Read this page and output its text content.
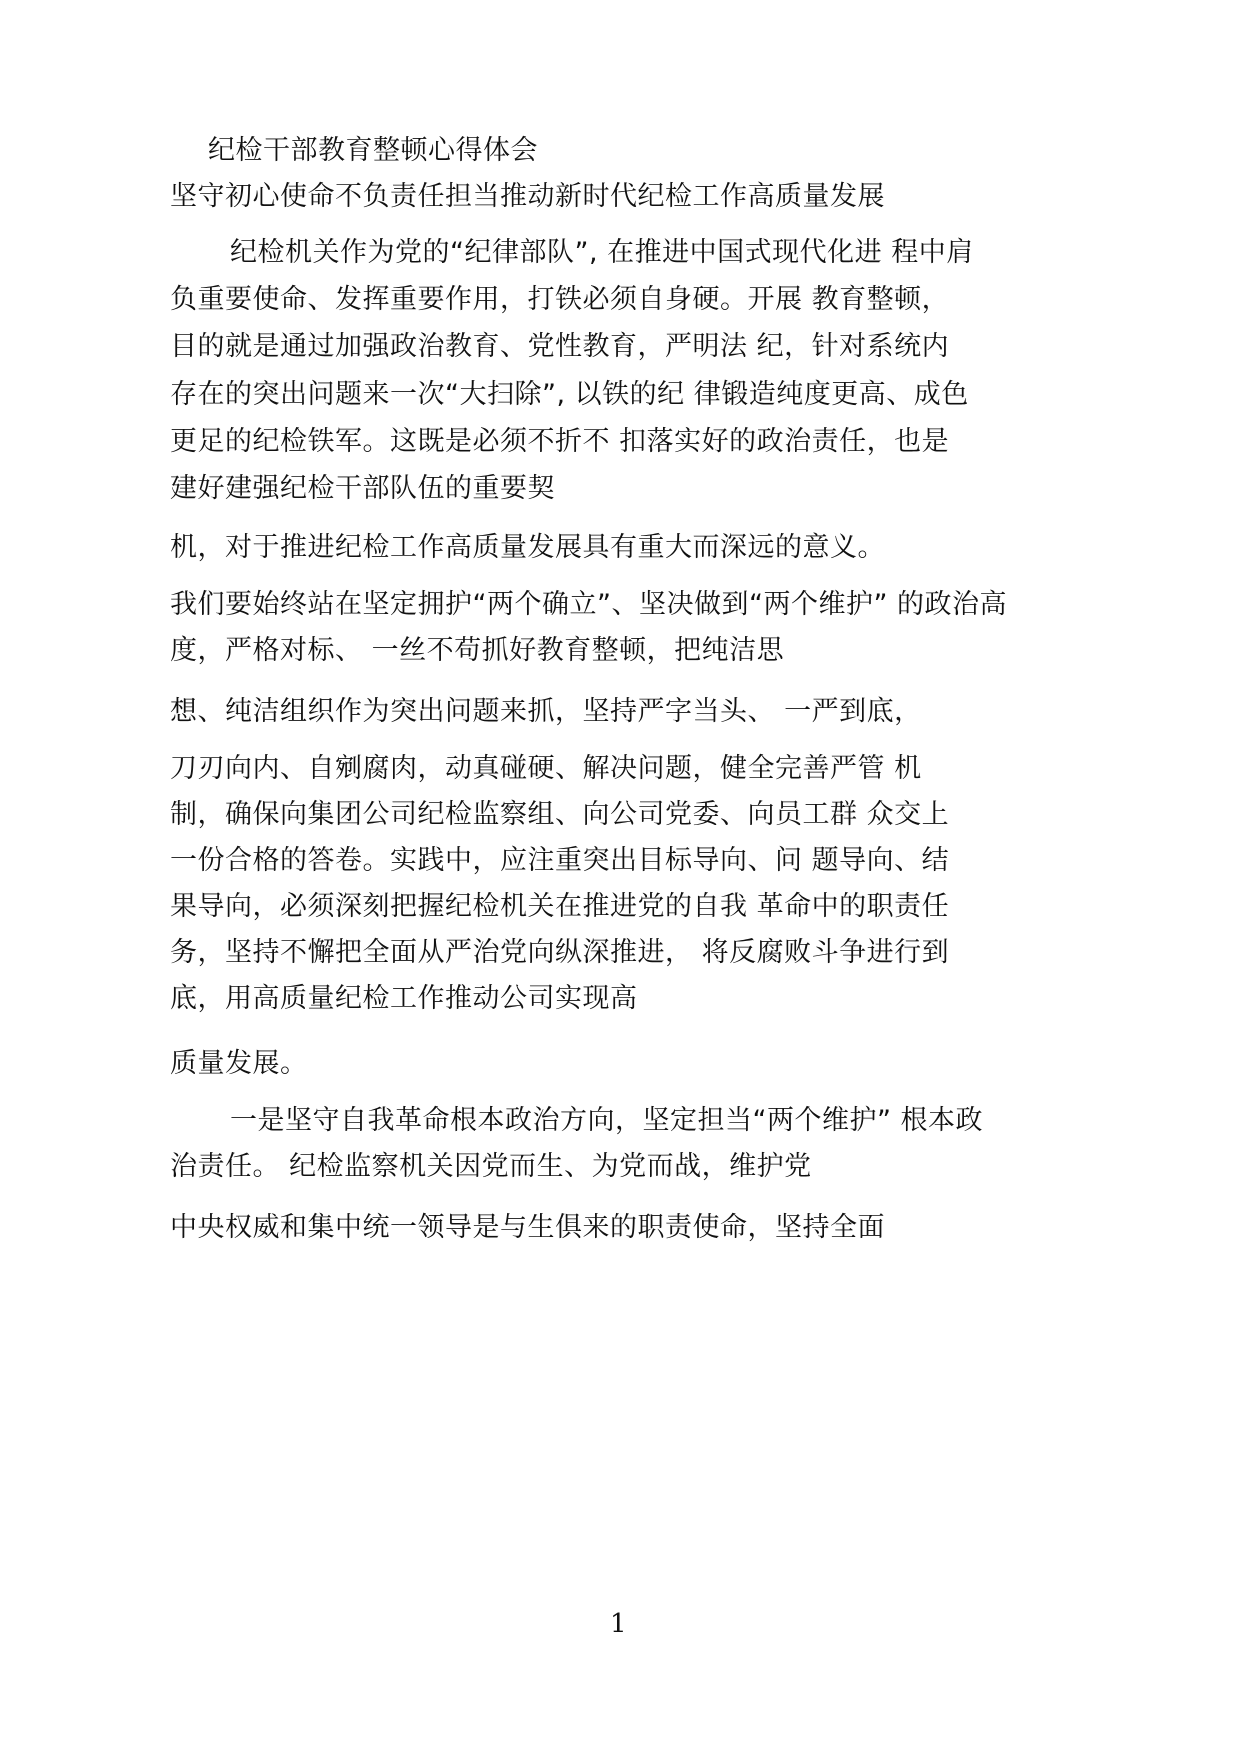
纪检干部教育整顿心得体会
坚守初心使命不负责任担当推动新时代纪检工作高质量发展
纪检机关作为党的“纪律部队”, 在推进中国式现代化进 程中肩
负重要使命、发挥重要作用，打铁必须自身硬。开展 教育整顿，
目的就是通过加强政治教育、党性教育，严明法 纪，针对系统内
存在的突出问题来一次“大扫除”, 以铁的纪 律锻造纯度更高、成色
更足的纪检铁军。这既是必须不折不 扣落实好的政治责任，也是
建好建强纪检干部队伍的重要契
机，对于推进纪检工作高质量发展具有重大而深远的意义。
我们要始终站在坚定拥护“两个确立”、坚决做到“两个维护” 的政治高
度，严格对标、 一丝不苟抓好教育整顿，把纯洁思
想、纯洁组织作为突出问题来抓，坚持严字当头、 一严到底，
刀刃向内、自剜腐肉，动真碰硬、解决问题，健全完善严管 机
制，确保向集团公司纪检监察组、向公司党委、向员工群 众交上
一份合格的答卷。实践中，应注重突出目标导向、问 题导向、结
果导向，必须深刻把握纪检机关在推进党的自我 革命中的职责任
务，坚持不懈把全面从严治党向纵深推进， 将反腐败斗争进行到
底，用高质量纪检工作推动公司实现高
质量发展。
一是坚守自我革命根本政治方向，坚定担当“两个维护” 根本政
治责任。 纪检监察机关因党而生、为党而战，维护党
中央权威和集中统一领导是与生俱来的职责使命，坚持全面
1
